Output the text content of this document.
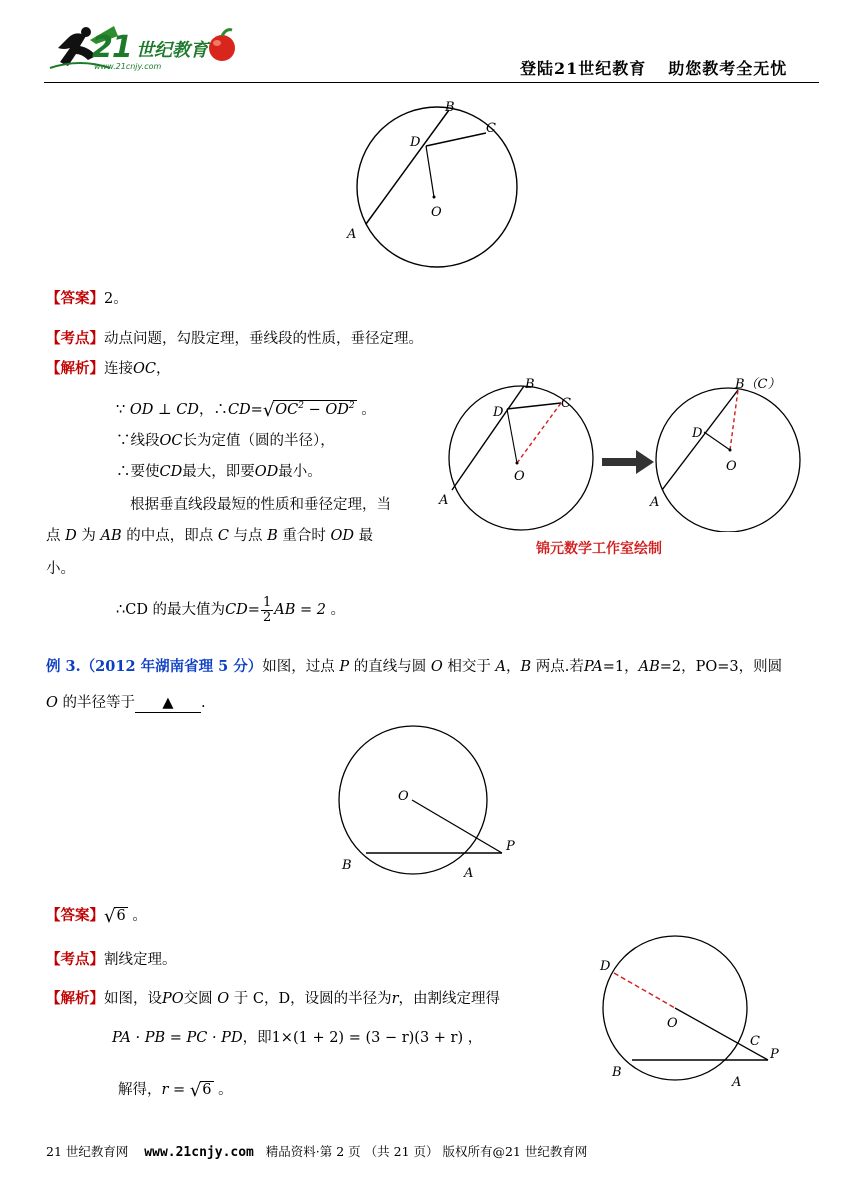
21 世纪教育
www.21cnjy.com	登陆21世纪教育 助您教考全无忧
B
C
D
O
A
【答案】2。
【考点】动点问题，勾股定理，垂线段的性质，垂径定理。
【解析】连接OC，
∵ OD ⊥ CD，$\therefore CD=√OC^2 - OD^2$ 。
∵线段OC长为定值（圆的半径），
∴要使CD最大，即要OD最小。
根据垂直线段最短的性质和垂径定理，当
点 D 为 AB 的中点，即点 C 与点 B 重合时 OD 最
小。
∴CD 的最大值为$CD= \frac{1}{2}$ AB = 2 。
B
C
D
O
A
B（C）
D
O
A
锦元数学工作室绘制
例 3.（2012 年湖南省理 5 分）如图，过点 P 的直线与圆 O 相交于 A，B 两点.若PA=1，AB=2，PO=3，则圆
O 的半径等于 ▲ .
O
P
B
A
【答案】√6 。
【考点】割线定理。
【解析】如图，设PO交圆 O 于 C，D，设圆的半径为r，由割线定理得
PA · PB = PC · PD，即1×(1 + 2) = (3 − r)(3 + r) ，
解得，r = √6 。
D
O
C
P
B
A
21 世纪教育网 www.21cnjy.com 精品资料·第 2 页 （共 21 页） 版权所有@21 世纪教育网
